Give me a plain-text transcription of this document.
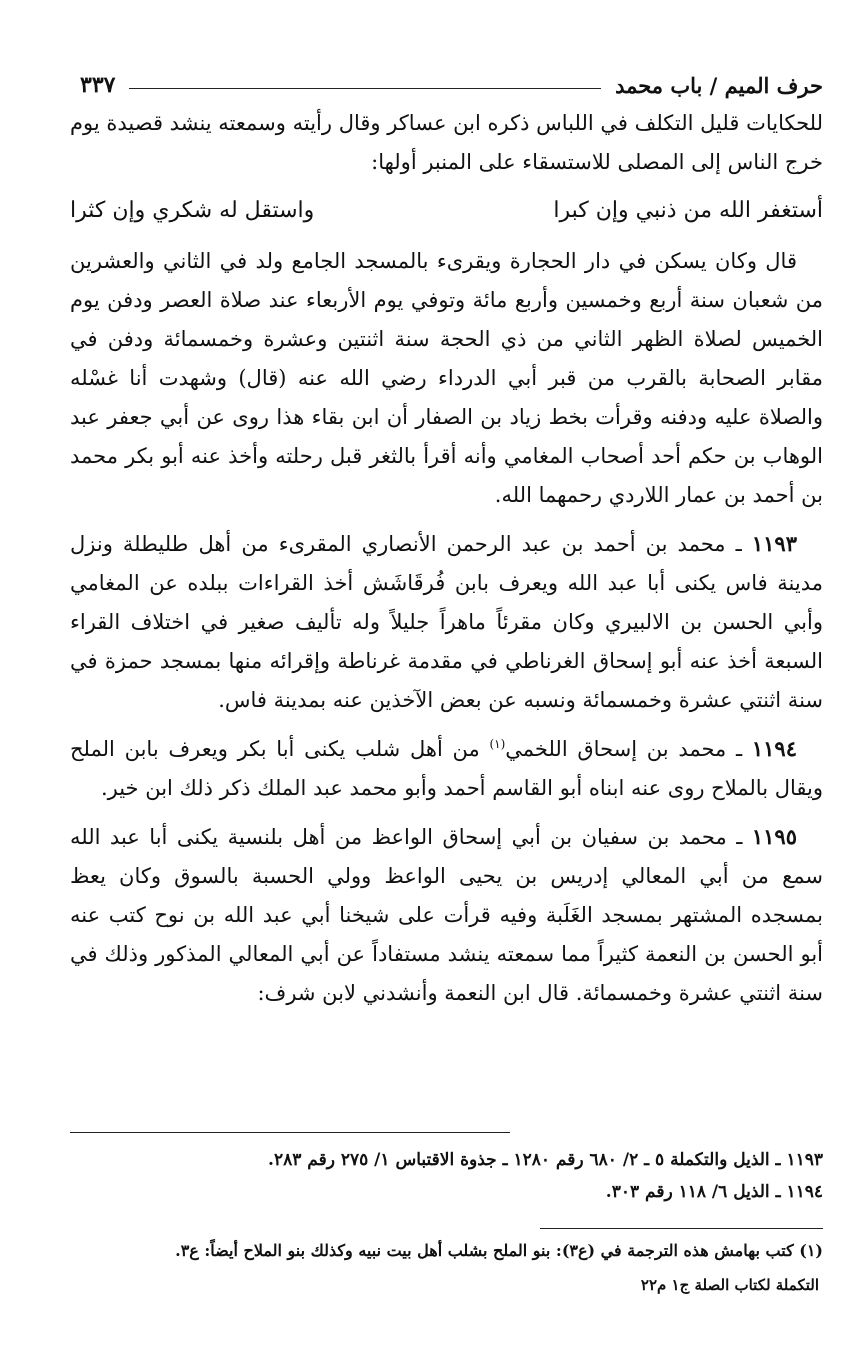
حرف الميم / باب محمد
٣٣٧

للحكايات قليل التكلف في اللباس ذكره ابن عساكر وقال رأيته وسمعته ينشد قصيدة يوم خرج الناس إلى المصلى للاستسقاء على المنبر أولها:

أستغفر الله من ذنبي وإن كبرا
واستقل له شكري وإن كثرا

قال وكان يسكن في دار الحجارة ويقرىء بالمسجد الجامع ولد في الثاني والعشرين من شعبان سنة أربع وخمسين وأربع مائة وتوفي يوم الأربعاء عند صلاة العصر ودفن يوم الخميس لصلاة الظهر الثاني من ذي الحجة سنة اثنتين وعشرة وخمسمائة ودفن في مقابر الصحابة بالقرب من قبر أبي الدرداء رضي الله عنه (قال) وشهدت أنا غسْله والصلاة عليه ودفنه وقرأت بخط زياد بن الصفار أن ابن بقاء هذا روى عن أبي جعفر عبد الوهاب بن حكم أحد أصحاب المغامي وأنه أقرأ بالثغر قبل رحلته وأخذ عنه أبو بكر محمد بن أحمد بن عمار اللاردي رحمهما الله.

١١٩٣ ـ محمد بن أحمد بن عبد الرحمن الأنصاري المقرىء من أهل طليطلة ونزل مدينة فاس يكنى أبا عبد الله ويعرف بابن فُرقَاشَش أخذ القراءات ببلده عن المغامي وأبي الحسن بن الالبيري وكان مقرئاً ماهراً جليلاً وله تأليف صغير في اختلاف القراء السبعة أخذ عنه أبو إسحاق الغرناطي في مقدمة غرناطة وإقرائه منها بمسجد حمزة في سنة اثنتي عشرة وخمسمائة ونسبه عن بعض الآخذين عنه بمدينة فاس.

١١٩٤ ـ محمد بن إسحاق اللخمي$^{(١)}$ من أهل شلب يكنى أبا بكر ويعرف بابن الملح ويقال بالملاح روى عنه ابناه أبو القاسم أحمد وأبو محمد عبد الملك ذكر ذلك ابن خير.

١١٩٥ ـ محمد بن سفيان بن أبي إسحاق الواعظ من أهل بلنسية يكنى أبا عبد الله سمع من أبي المعالي إدريس بن يحيى الواعظ وولي الحسبة بالسوق وكان يعظ بمسجده المشتهر بمسجد الغَلَبة وفيه قرأت على شيخنا أبي عبد الله بن نوح كتب عنه أبو الحسن بن النعمة كثيراً مما سمعته ينشد مستفاداً عن أبي المعالي المذكور وذلك في سنة اثنتي عشرة وخمسمائة. قال ابن النعمة وأنشدني لابن شرف:

١١٩٣ ـ الذيل والتكملة ٥ ـ ٢/ ٦٨٠ رقم ١٢٨٠ ـ جذوة الاقتباس ١/ ٢٧٥ رقم ٢٨٣.
١١٩٤ ـ الذيل ٦/ ١١٨ رقم ٣٠٣.
(١) كتب بهامش هذه الترجمة في (ع٣): بنو الملح بشلب أهل بيت نبيه وكذلك بنو الملاح أيضاً: ع٣.
التكملة لكتاب الصلة ج١ م٢٢
